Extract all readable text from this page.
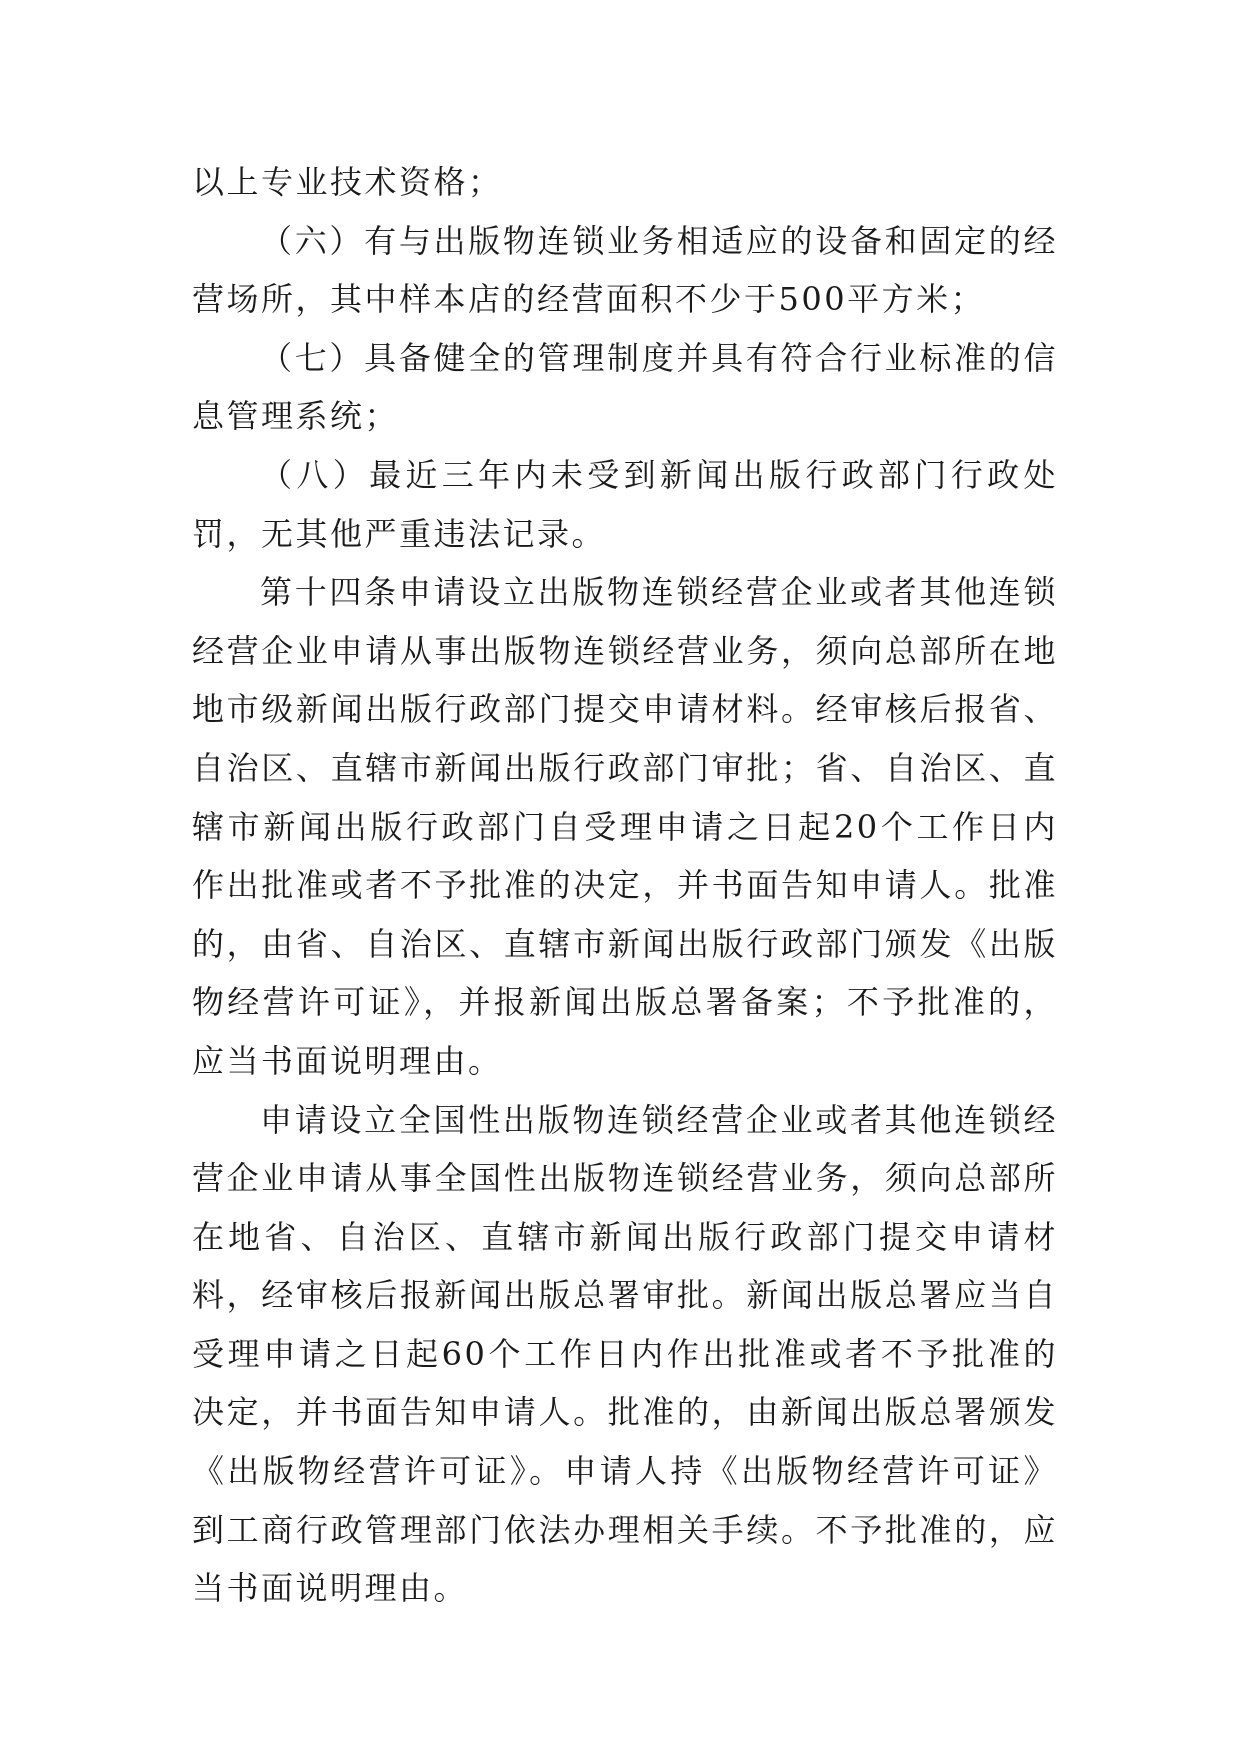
以上专业技术资格；

（六）有与出版物连锁业务相适应的设备和固定的经营场所，其中样本店的经营面积不少于500平方米；

（七）具备健全的管理制度并具有符合行业标准的信息管理系统；

（八）最近三年内未受到新闻出版行政部门行政处罚，无其他严重违法记录。

第十四条申请设立出版物连锁经营企业或者其他连锁经营企业申请从事出版物连锁经营业务，须向总部所在地地市级新闻出版行政部门提交申请材料。经审核后报省、自治区、直辖市新闻出版行政部门审批；省、自治区、直辖市新闻出版行政部门自受理申请之日起20个工作日内作出批准或者不予批准的决定，并书面告知申请人。批准的，由省、自治区、直辖市新闻出版行政部门颁发《出版物经营许可证》，并报新闻出版总署备案；不予批准的，应当书面说明理由。

申请设立全国性出版物连锁经营企业或者其他连锁经营企业申请从事全国性出版物连锁经营业务，须向总部所在地省、自治区、直辖市新闻出版行政部门提交申请材料，经审核后报新闻出版总署审批。新闻出版总署应当自受理申请之日起60个工作日内作出批准或者不予批准的决定，并书面告知申请人。批准的，由新闻出版总署颁发《出版物经营许可证》。申请人持《出版物经营许可证》到工商行政管理部门依法办理相关手续。不予批准的，应当书面说明理由。
